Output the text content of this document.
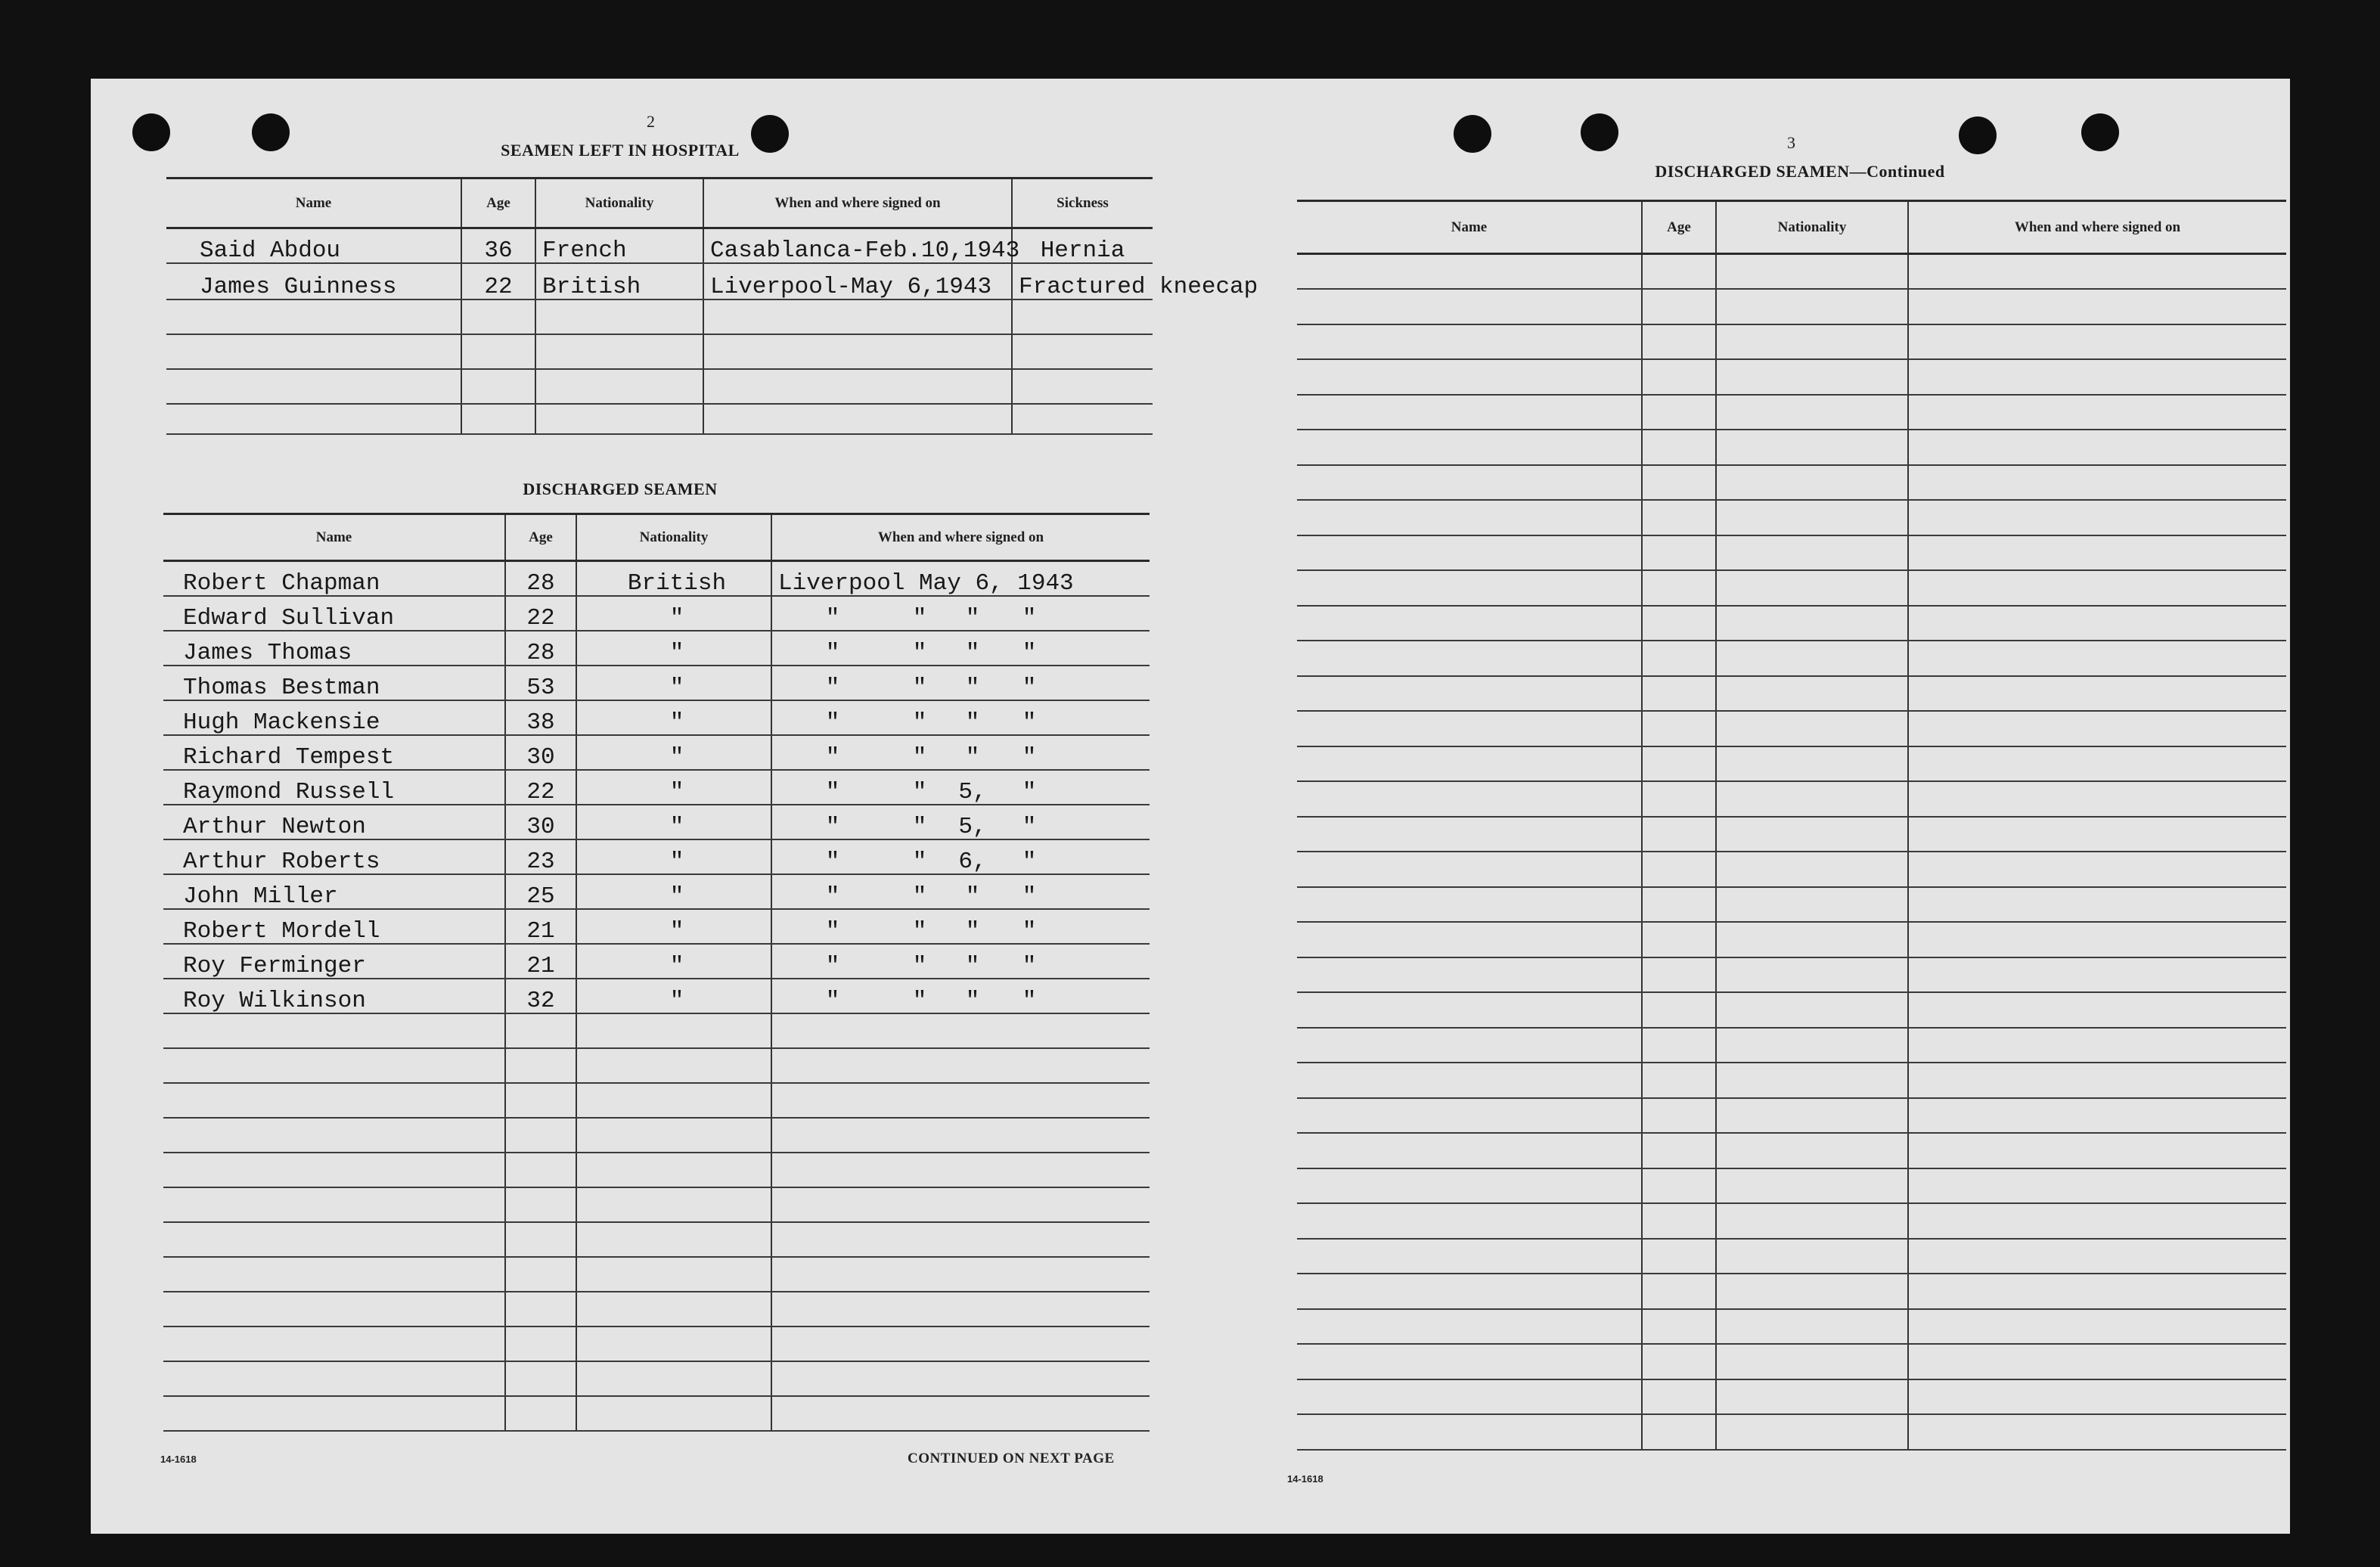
2
SEAMEN LEFT IN HOSPITAL
Name	Age	Nationality	When and where signed on	Sickness
Said Abdou	36	French	Casablanca-Feb.10,1943	Hernia
James Guinness	22	British	Liverpool-May 6,1943	Fractured kneecap

DISCHARGED SEAMEN
Name	Age	Nationality	When and where signed on
Robert Chapman	28	British	Liverpool May 6, 1943
Edward Sullivan	22	"	" " " "
James Thomas	28	"	" " " "
Thomas Bestman	53	"	" " " "
Hugh Mackensie	38	"	" " " "
Richard Tempest	30	"	" " " "
Raymond Russell	22	"	" " 5, "
Arthur Newton	30	"	" " 5, "
Arthur Roberts	23	"	" " 6, "
John Miller	25	"	" " " "
Robert Mordell	21	"	" " " "
Roy Ferminger	21	"	" " " "
Roy Wilkinson	32	"	" " " "

14-1618	CONTINUED ON NEXT PAGE
3
DISCHARGED SEAMEN—Continued
Name	Age	Nationality	When and where signed on

14-1618
